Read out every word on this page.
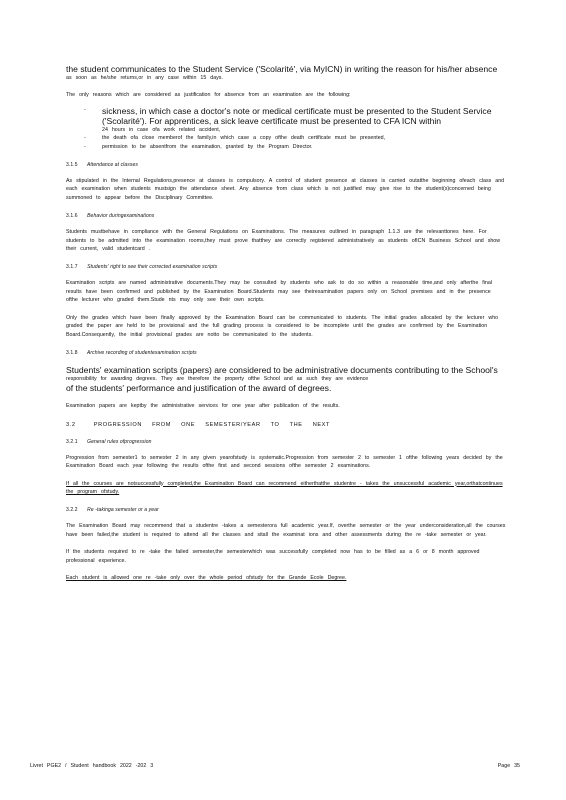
the student communicates to the Student Service ('Scolarité', via MyICN) in writing the reason for his/her absence

as soon as he/she returns,or in any case within 15 days.

The only reasons which are considered as justification for absence from an examination are the following:

- sickness, in which case a doctor's note or medical certificate must be presented to the Student Service ('Scolarité'). For apprentices, a sick leave certificate must be presented to CFA ICN within
24 hours in case ofa work related accident,
-	the death ofa close memberof the family,in which case a copy ofthe death certificate must be presented,
-	permission to be absentfrom the examination, granted by the Program Director.
3.1.5 Attendance at classes

As stipulated in the Internal Regulations,presence at classes is compulsory. A control of student presence at classes is carried outatthe beginning ofeach class and each examination when students mustsign the attendance sheet. Any absence from class which is not justified may give rise to the student(s)concerned being summoned to appear before the Disciplinary Committee.

3.1.6 Behavior duringexaminations

Students mustbehave in compliance with the General Regulations on Examinations. The measures outlined in paragraph 1.1.3 are the relevanttones here. For students to be admitted into the examination rooms,they must prove thatthey are correctly registered administratively as students ofICN Business School and show their current, valid studentcard .

3.1.7 Students' right to see their corrected examination scripts

Examination scripts are named administrative documents.They may be consulted by students who ask to do so within a reasonable time,and only afterthe final results have been confirmed and published by the Examination Board.Students may see theirexamination papers only on School premises and in the presence ofthe lecturer who graded them.Stude nts may only see their own scripts.

Only the grades which have been finally approved by the Examination Board can be communicated to students. The initial grades allocated by the lecturer who graded the paper are held to be provisional and the full grading process is considered to be incomplete until the grades are confirmed by the Examination Board.Consequently, the initial provisional grades are notto be communicated to the students.

3.1.8 Archive recording of studentexamination scripts

Students' examination scripts (papers) are considered to be administrative documents contributing to the School's

responsibility for awarding degrees. They are therefore the property ofthe School and as such they are evidence

of the students' performance and justification of the award of degrees.

Examination papers are keptby the administrative services for one year after publication of the results.

3.2	PROGRESSION FROM ONE SEMESTER/YEAR TO THE NEXT
3.2.1 General rules ofprogression

Progression from semester1 to semester 2 in any given yearofstudy is systematic.Progression from semester 2 to semester 1 ofthe following years decided by the Examination Board each year following the results ofthe first and second sessions ofthe semester 2 examinations.

If all the courses are notsuccessfully completed,the Examination Board can recommend eitherthatthe studentre - takes the unsuccessful academic year,orthatcontinues the program ofstudy.

3.2.2 Re -takinga semester or a year

The Examination Board may recommend that a studentre -takes a semesterora full academic year.If, overthe semester or the year underconsideration,all the courses have been failed,the student is required to attend all the classes and sitall the examinat ions and other assessments during the re -take semester or year.

If the students required to re -take the failed semester,the semesterwhich was successfully completed now has to be filled as a 6 or 8 month approved professional experience.

Each student is allowed one re -take only over the whole period ofstudy for the Grande Ecole Degree.

Livret PGE2 / Student handbook 2022 -202 3	Page 35
